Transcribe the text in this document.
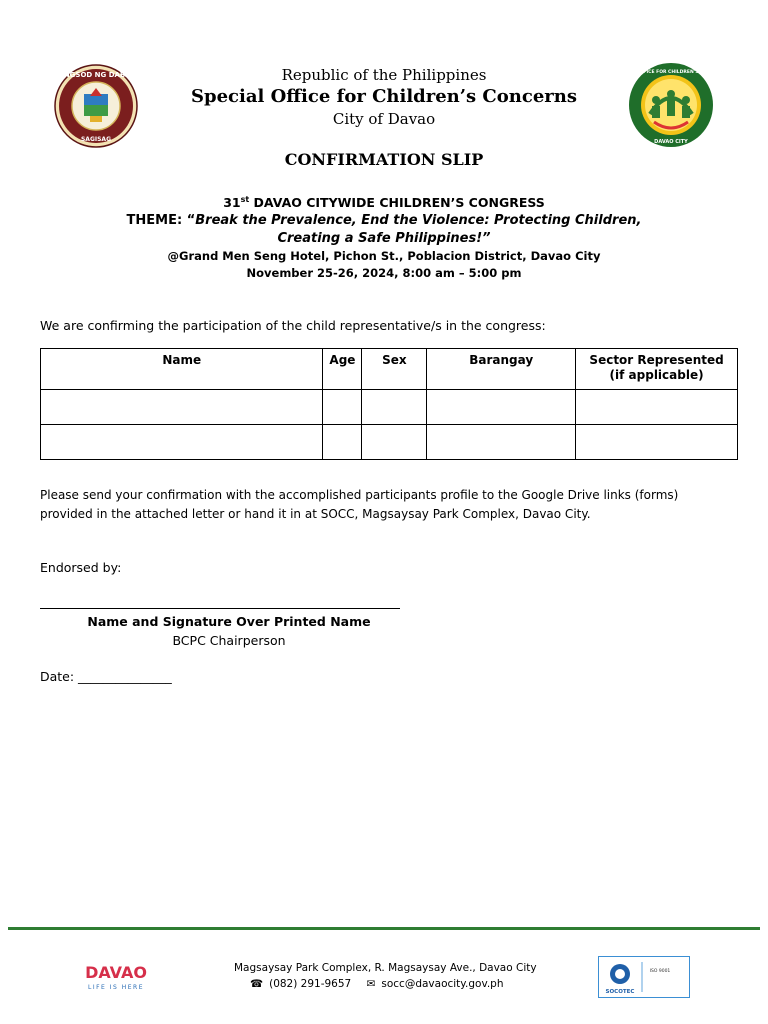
LUNGSOD NG DABAW
SAGISAG
SPECIAL OFFICE FOR CHILDREN’S CONCERNS
DAVAO CITY
Republic of the Philippines
Special Office for Children’s Concerns
City of Davao
CONFIRMATION SLIP
31st DAVAO CITYWIDE CHILDREN’S CONGRESS
THEME: “Break the Prevalence, End the Violence: Protecting Children,
Creating a Safe Philippines!”
@Grand Men Seng Hotel, Pichon St., Poblacion District, Davao City
November 25-26, 2024, 8:00 am – 5:00 pm
We are confirming the participation of the child representative/s in the congress:
Name	Age	Sex	Barangay	Sector Represented
(if applicable)

Please send your confirmation with the accomplished participants profile to the Google Drive links (forms)
provided in the attached letter or hand it in at SOCC, Magsaysay Park Complex, Davao City.
Endorsed by:
Name and Signature Over Printed Name
BCPC Chairperson
Date: _______________
DAVAO
LIFE IS HERE
Magsaysay Park Complex, R. Magsaysay Ave., Davao City
☎ (082) 291-9657 ✉ socc@davaocity.gov.ph
SOCOTEC
ISO 9001
